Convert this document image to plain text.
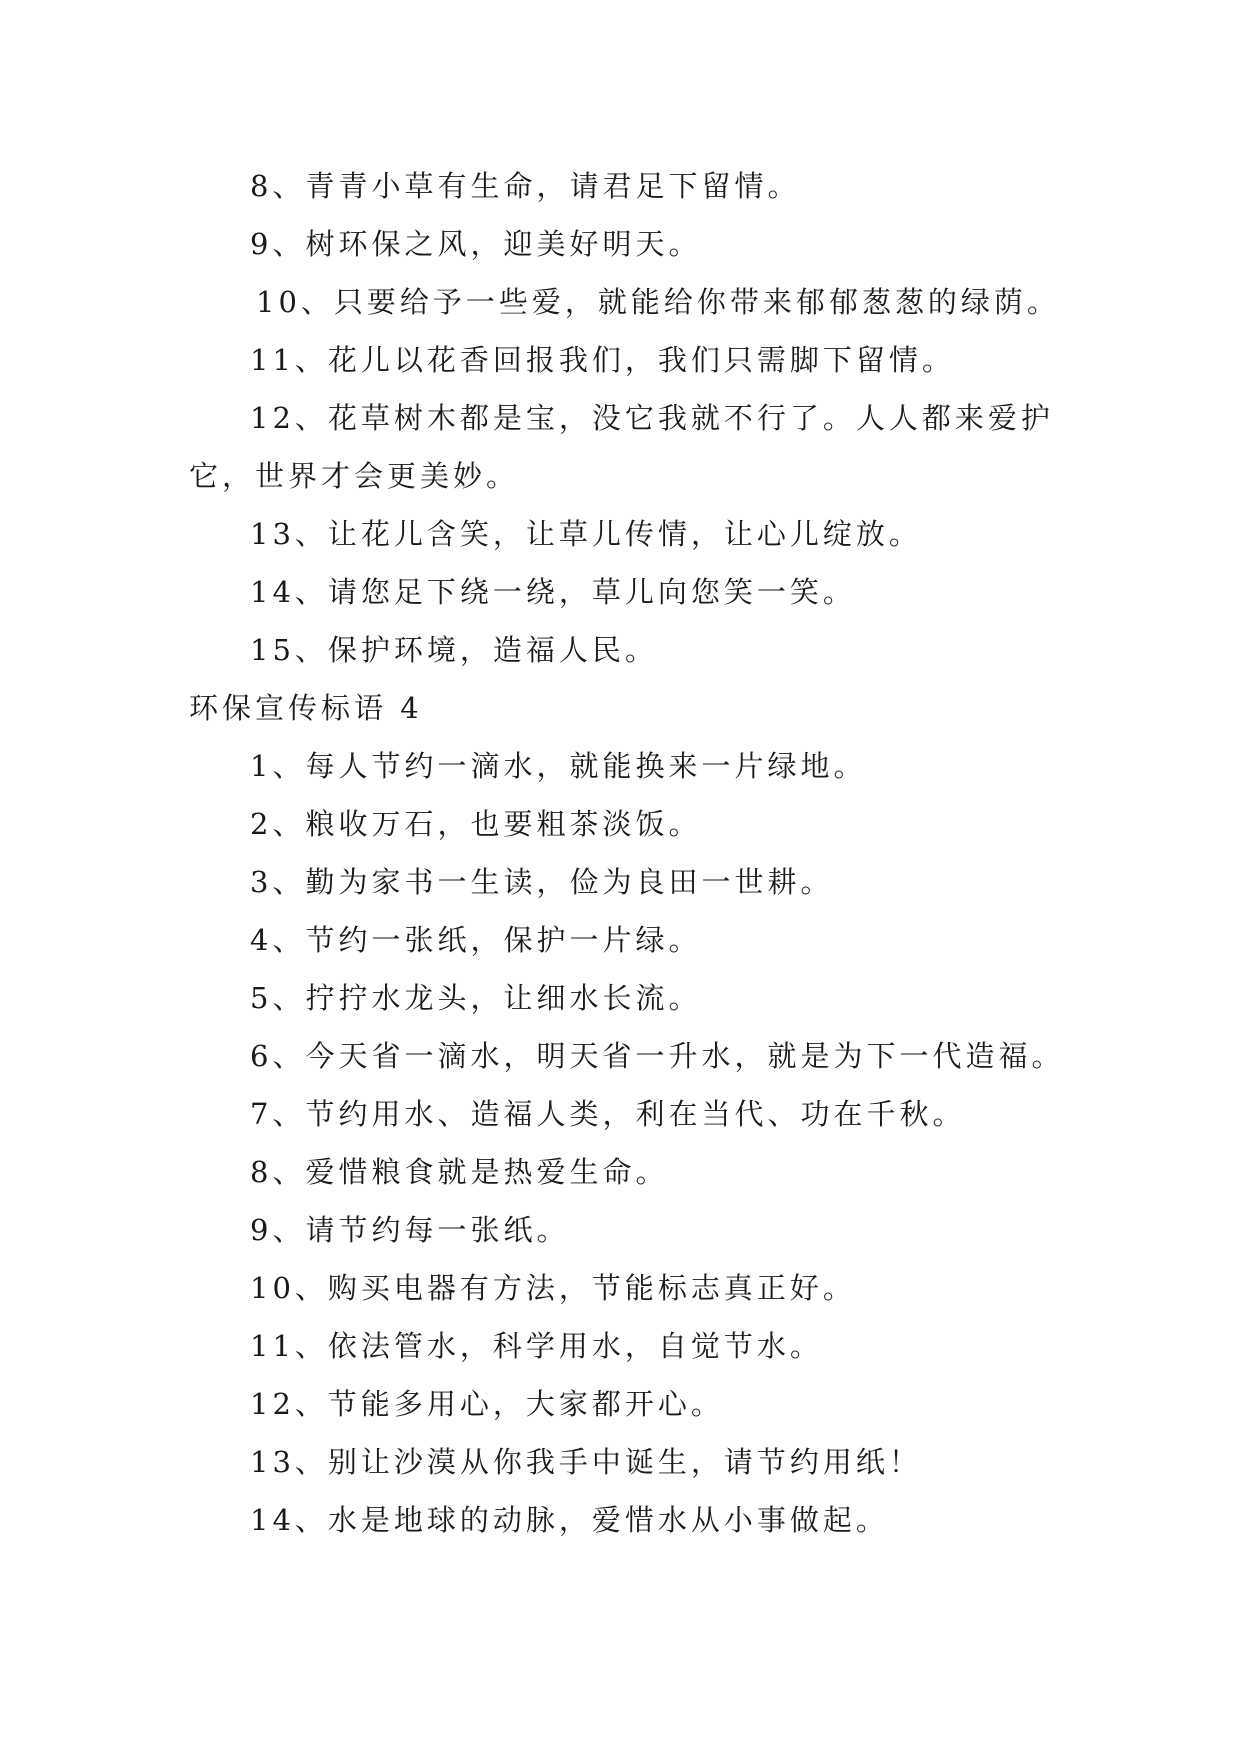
8、青青小草有生命，请君足下留情。
9、树环保之风，迎美好明天。
10、只要给予一些爱，就能给你带来郁郁葱葱的绿荫。
11、花儿以花香回报我们，我们只需脚下留情。
12、花草树木都是宝，没它我就不行了。人人都来爱护
它，世界才会更美妙。
13、让花儿含笑，让草儿传情，让心儿绽放。
14、请您足下绕一绕，草儿向您笑一笑。
15、保护环境，造福人民。
环保宣传标语 4
1、每人节约一滴水，就能换来一片绿地。
2、粮收万石，也要粗茶淡饭。
3、勤为家书一生读，俭为良田一世耕。
4、节约一张纸，保护一片绿。
5、拧拧水龙头，让细水长流。
6、今天省一滴水，明天省一升水，就是为下一代造福。
7、节约用水、造福人类，利在当代、功在千秋。
8、爱惜粮食就是热爱生命。
9、请节约每一张纸。
10、购买电器有方法，节能标志真正好。
11、依法管水，科学用水，自觉节水。
12、节能多用心，大家都开心。
13、别让沙漠从你我手中诞生，请节约用纸！
14、水是地球的动脉，爱惜水从小事做起。
